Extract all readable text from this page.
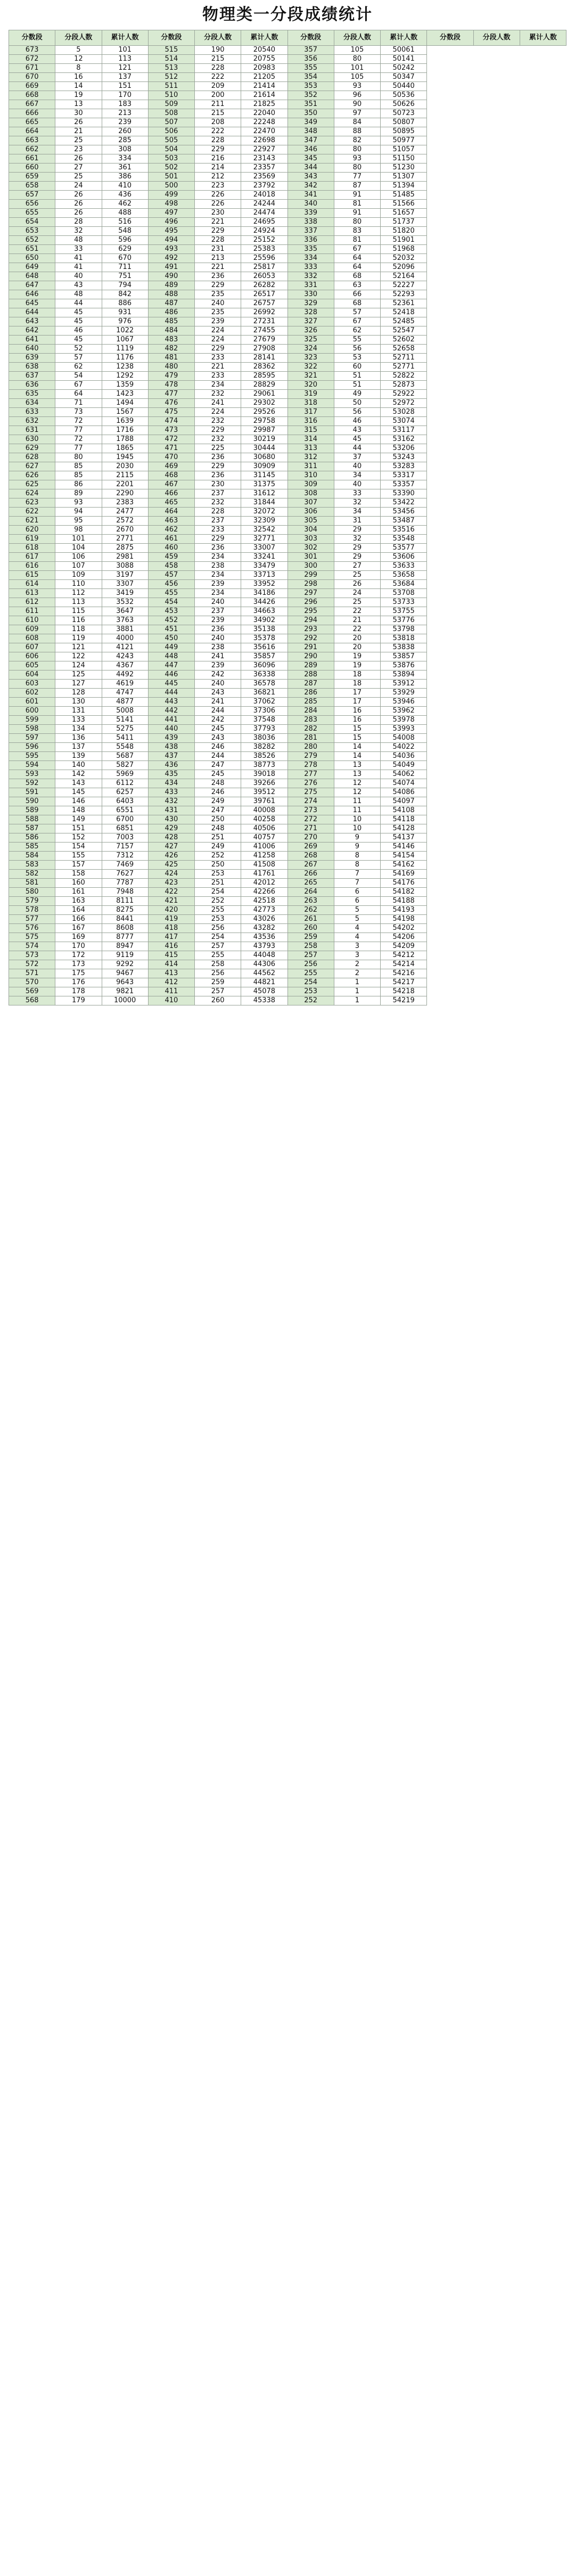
物理类一分段成绩统计
分数段	分段人数	累计人数	分数段	分段人数	累计人数	分数段	分段人数	累计人数	分数段	分段人数	累计人数
673	5	101	515	190	20540	357	105	50061			
672	12	113	514	215	20755	356	80	50141			
671	8	121	513	228	20983	355	101	50242			
670	16	137	512	222	21205	354	105	50347			
669	14	151	511	209	21414	353	93	50440			
668	19	170	510	200	21614	352	96	50536			
667	13	183	509	211	21825	351	90	50626			
666	30	213	508	215	22040	350	97	50723			
665	26	239	507	208	22248	349	84	50807			
664	21	260	506	222	22470	348	88	50895			
663	25	285	505	228	22698	347	82	50977			
662	23	308	504	229	22927	346	80	51057			
661	26	334	503	216	23143	345	93	51150			
660	27	361	502	214	23357	344	80	51230			
659	25	386	501	212	23569	343	77	51307			
658	24	410	500	223	23792	342	87	51394			
657	26	436	499	226	24018	341	91	51485			
656	26	462	498	226	24244	340	81	51566			
655	26	488	497	230	24474	339	91	51657			
654	28	516	496	221	24695	338	80	51737			
653	32	548	495	229	24924	337	83	51820			
652	48	596	494	228	25152	336	81	51901			
651	33	629	493	231	25383	335	67	51968			
650	41	670	492	213	25596	334	64	52032			
649	41	711	491	221	25817	333	64	52096			
648	40	751	490	236	26053	332	68	52164			
647	43	794	489	229	26282	331	63	52227			
646	48	842	488	235	26517	330	66	52293			
645	44	886	487	240	26757	329	68	52361			
644	45	931	486	235	26992	328	57	52418			
643	45	976	485	239	27231	327	67	52485			
642	46	1022	484	224	27455	326	62	52547			
641	45	1067	483	224	27679	325	55	52602			
640	52	1119	482	229	27908	324	56	52658			
639	57	1176	481	233	28141	323	53	52711			
638	62	1238	480	221	28362	322	60	52771			
637	54	1292	479	233	28595	321	51	52822			
636	67	1359	478	234	28829	320	51	52873			
635	64	1423	477	232	29061	319	49	52922			
634	71	1494	476	241	29302	318	50	52972			
633	73	1567	475	224	29526	317	56	53028			
632	72	1639	474	232	29758	316	46	53074			
631	77	1716	473	229	29987	315	43	53117			
630	72	1788	472	232	30219	314	45	53162			
629	77	1865	471	225	30444	313	44	53206			
628	80	1945	470	236	30680	312	37	53243			
627	85	2030	469	229	30909	311	40	53283			
626	85	2115	468	236	31145	310	34	53317			
625	86	2201	467	230	31375	309	40	53357			
624	89	2290	466	237	31612	308	33	53390			
623	93	2383	465	232	31844	307	32	53422			
622	94	2477	464	228	32072	306	34	53456			
621	95	2572	463	237	32309	305	31	53487			
620	98	2670	462	233	32542	304	29	53516			
619	101	2771	461	229	32771	303	32	53548			
618	104	2875	460	236	33007	302	29	53577			
617	106	2981	459	234	33241	301	29	53606			
616	107	3088	458	238	33479	300	27	53633			
615	109	3197	457	234	33713	299	25	53658			
614	110	3307	456	239	33952	298	26	53684			
613	112	3419	455	234	34186	297	24	53708			
612	113	3532	454	240	34426	296	25	53733			
611	115	3647	453	237	34663	295	22	53755			
610	116	3763	452	239	34902	294	21	53776			
609	118	3881	451	236	35138	293	22	53798			
608	119	4000	450	240	35378	292	20	53818			
607	121	4121	449	238	35616	291	20	53838			
606	122	4243	448	241	35857	290	19	53857			
605	124	4367	447	239	36096	289	19	53876			
604	125	4492	446	242	36338	288	18	53894			
603	127	4619	445	240	36578	287	18	53912			
602	128	4747	444	243	36821	286	17	53929			
601	130	4877	443	241	37062	285	17	53946			
600	131	5008	442	244	37306	284	16	53962			
599	133	5141	441	242	37548	283	16	53978			
598	134	5275	440	245	37793	282	15	53993			
597	136	5411	439	243	38036	281	15	54008			
596	137	5548	438	246	38282	280	14	54022			
595	139	5687	437	244	38526	279	14	54036			
594	140	5827	436	247	38773	278	13	54049			
593	142	5969	435	245	39018	277	13	54062			
592	143	6112	434	248	39266	276	12	54074			
591	145	6257	433	246	39512	275	12	54086			
590	146	6403	432	249	39761	274	11	54097			
589	148	6551	431	247	40008	273	11	54108			
588	149	6700	430	250	40258	272	10	54118			
587	151	6851	429	248	40506	271	10	54128			
586	152	7003	428	251	40757	270	9	54137			
585	154	7157	427	249	41006	269	9	54146			
584	155	7312	426	252	41258	268	8	54154			
583	157	7469	425	250	41508	267	8	54162			
582	158	7627	424	253	41761	266	7	54169			
581	160	7787	423	251	42012	265	7	54176			
580	161	7948	422	254	42266	264	6	54182			
579	163	8111	421	252	42518	263	6	54188			
578	164	8275	420	255	42773	262	5	54193			
577	166	8441	419	253	43026	261	5	54198			
576	167	8608	418	256	43282	260	4	54202			
575	169	8777	417	254	43536	259	4	54206			
574	170	8947	416	257	43793	258	3	54209			
573	172	9119	415	255	44048	257	3	54212			
572	173	9292	414	258	44306	256	2	54214			
571	175	9467	413	256	44562	255	2	54216			
570	176	9643	412	259	44821	254	1	54217			
569	178	9821	411	257	45078	253	1	54218			
568	179	10000	410	260	45338	252	1	54219			
